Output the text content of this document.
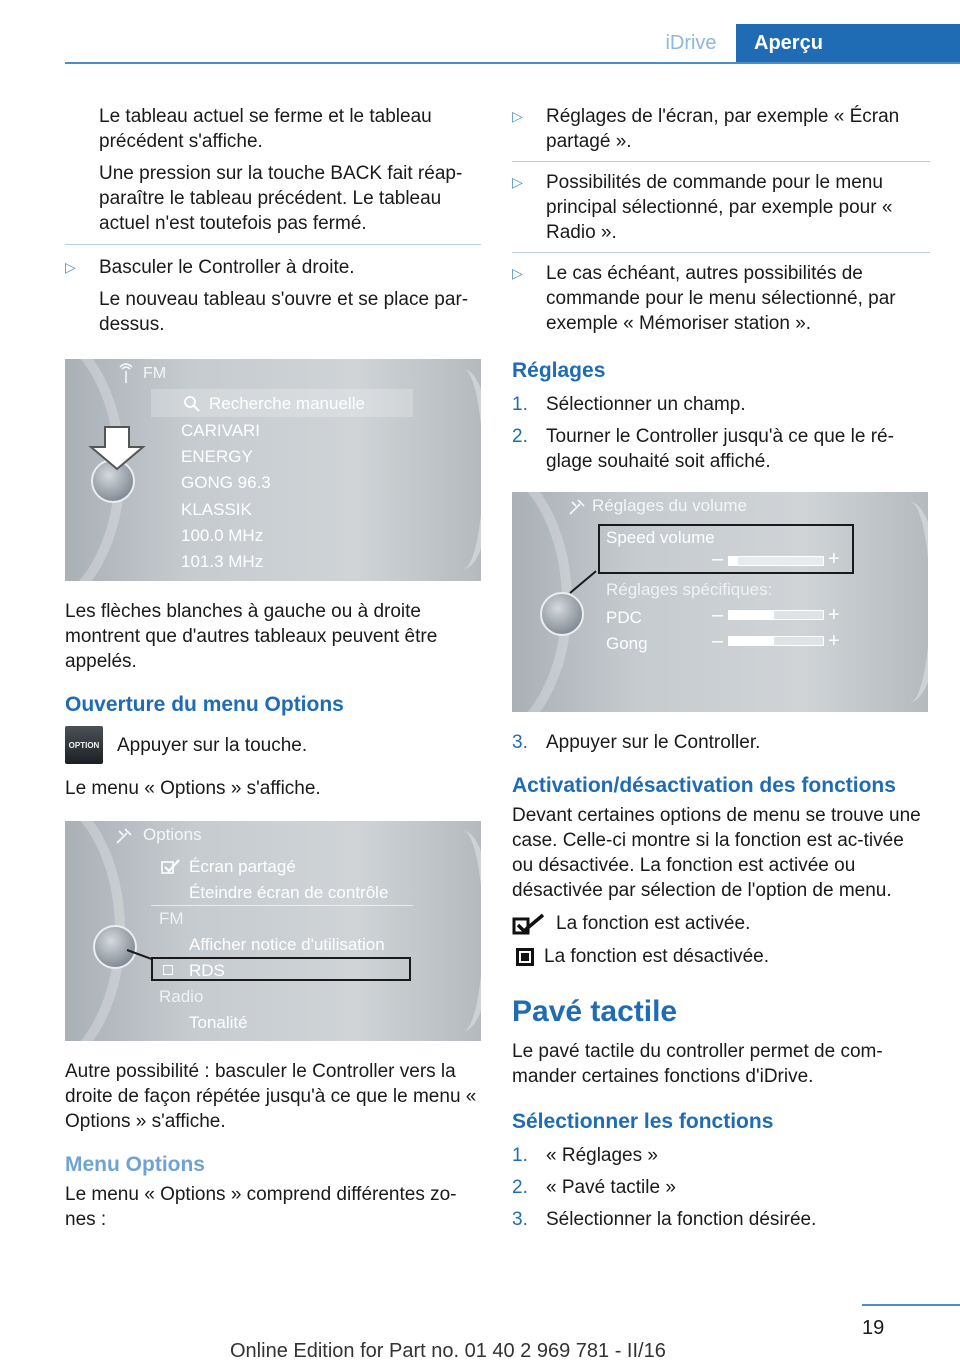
iDrive	Aperçu
Le tableau actuel se ferme et le tableau précédent s'affiche.
Une pression sur la touche BACK fait réap-paraître le tableau précédent. Le tableau actuel n'est toutefois pas fermé.
▷ Basculer le Controller à droite.
Le nouveau tableau s'ouvre et se place par-dessus.
FM
Recherche manuelle
CARIVARI
ENERGY
GONG 96.3
KLASSIK
100.0 MHz
101.3 MHz
Les flèches blanches à gauche ou à droite montrent que d'autres tableaux peuvent être appelés.
Ouverture du menu Options
OPTION Appuyer sur la touche.
Le menu « Options » s'affiche.
Options
Écran partagé
Éteindre écran de contrôle
FM
Afficher notice d'utilisation
RDS
Radio
Tonalité
Autre possibilité : basculer le Controller vers la droite de façon répétée jusqu'à ce que le menu « Options » s'affiche.
Menu Options
Le menu « Options » comprend différentes zo-nes :
▷ Réglages de l'écran, par exemple « Écran partagé ».
▷ Possibilités de commande pour le menu principal sélectionné, par exemple pour « Radio ».
▷ Le cas échéant, autres possibilités de commande pour le menu sélectionné, par exemple « Mémoriser station ».
Réglages
1. Sélectionner un champ.
2. Tourner le Controller jusqu'à ce que le ré-glage souhaité soit affiché.
Réglages du volume
Speed volume
–	+
Réglages spécifiques:
PDC	–	+
Gong	–	+
3. Appuyer sur le Controller.
Activation/désactivation des fonctions
Devant certaines options de menu se trouve une case. Celle-ci montre si la fonction est ac-tivée ou désactivée. La fonction est activée ou désactivée par sélection de l'option de menu.
La fonction est activée.
La fonction est désactivée.
Pavé tactile
Le pavé tactile du controller permet de com-mander certaines fonctions d'iDrive.
Sélectionner les fonctions
1. « Réglages »
2. « Pavé tactile »
3. Sélectionner la fonction désirée.
19
Online Edition for Part no. 01 40 2 969 781 - II/16
